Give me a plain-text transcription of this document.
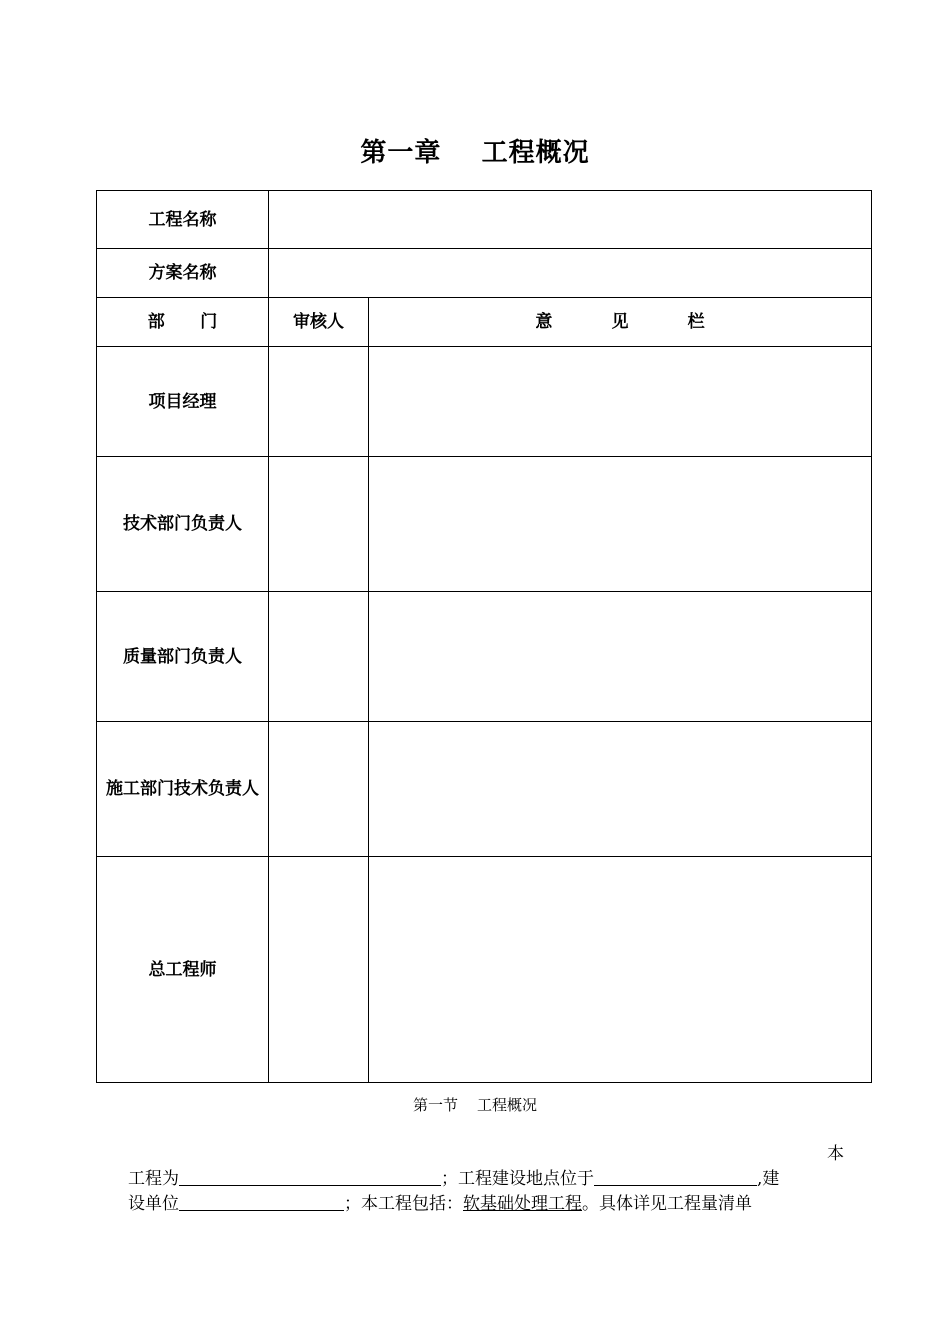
第一章    工程概况
工程名称		
方案名称		
部      门	审核人	意          见          栏
项目经理		
技术部门负责人		
质量部门负责人		
施工部门技术负责人		
总工程师		
第一节    工程概况
本
工程为	；工程建设地点位于	,建
设单位	；本工程包括：软基础处理工程。具体详见工程量清单
